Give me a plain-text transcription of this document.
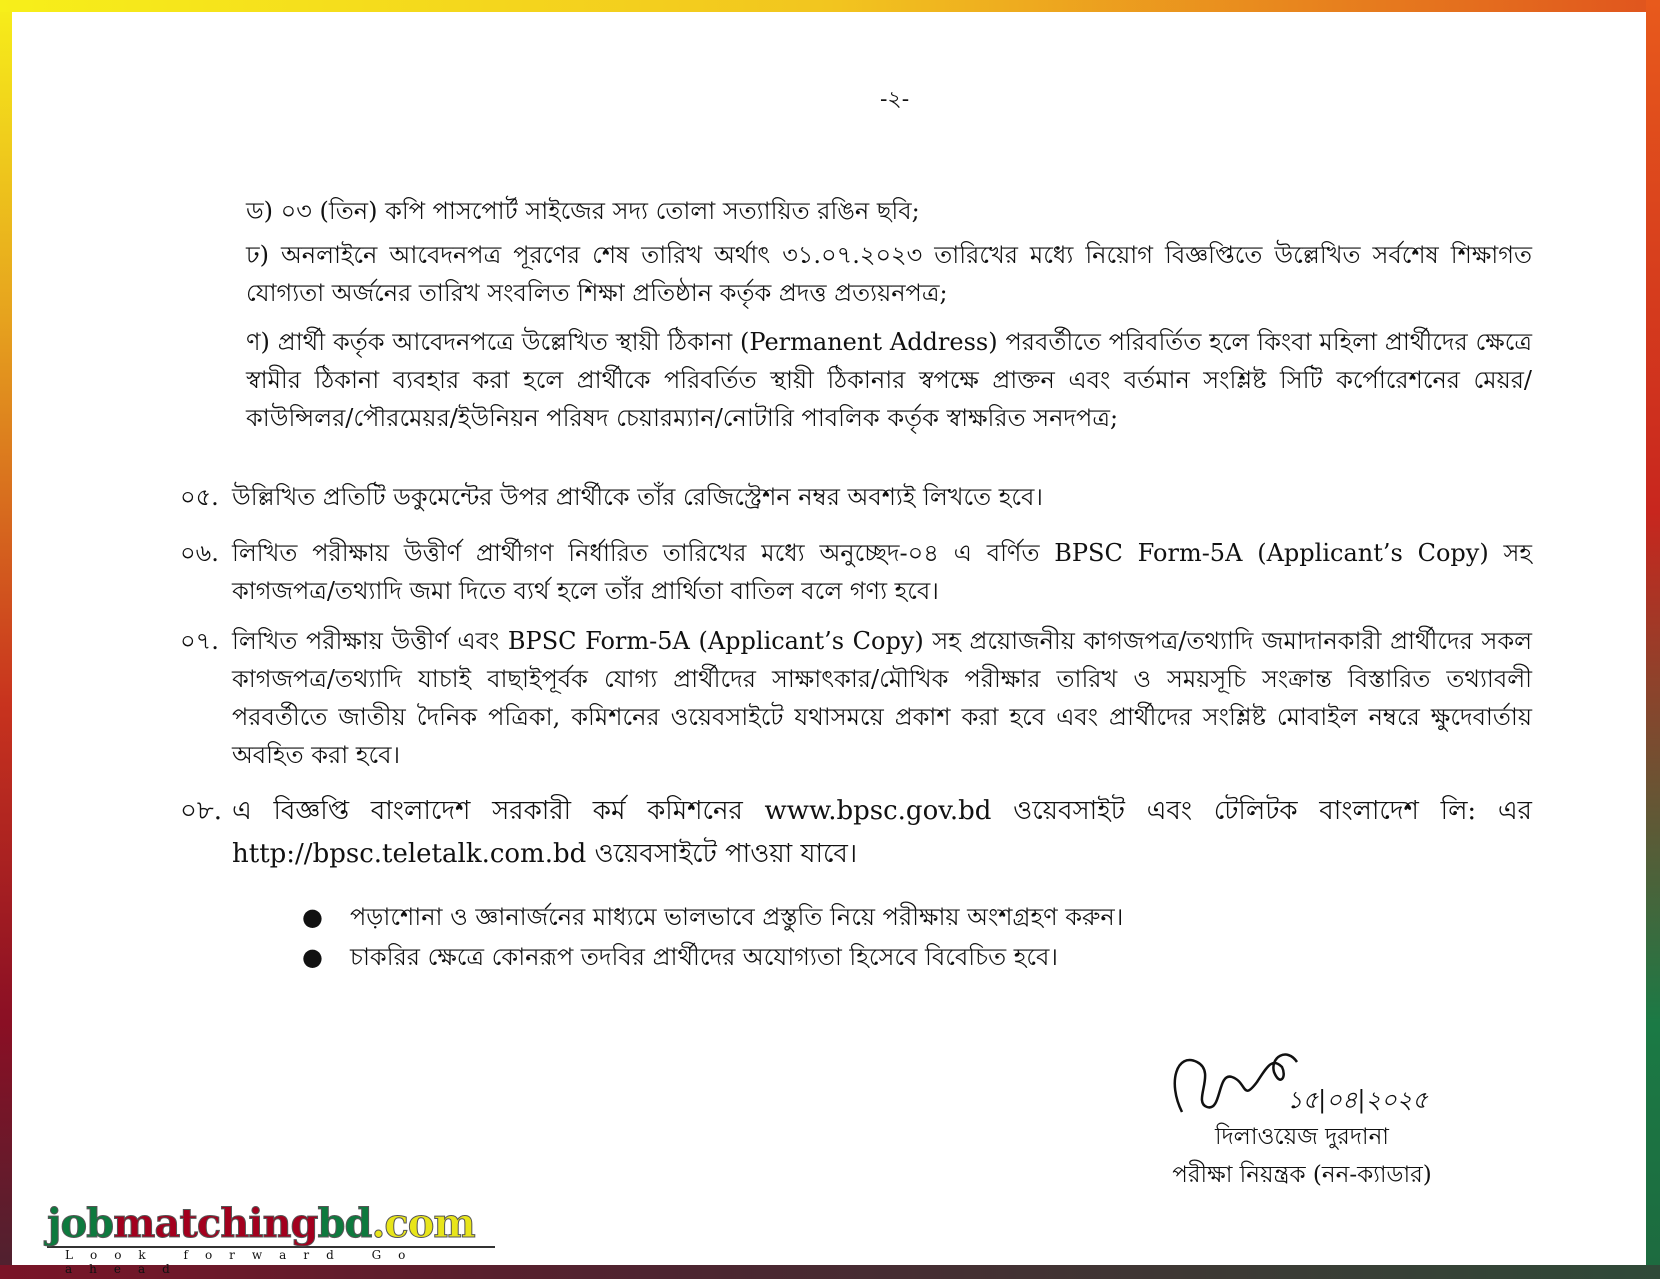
-২-
ড) ০৩ (তিন) কপি পাসপোর্ট সাইজের সদ্য তোলা সত্যায়িত রঙিন ছবি;
ঢ) অনলাইনে আবেদনপত্র পূরণের শেষ তারিখ অর্থাৎ ৩১.০৭.২০২৩ তারিখের মধ্যে নিয়োগ বিজ্ঞপ্তিতে উল্লেখিত সর্বশেষ শিক্ষাগত যোগ্যতা অর্জনের তারিখ সংবলিত শিক্ষা প্রতিষ্ঠান কর্তৃক প্রদত্ত প্রত্যয়নপত্র;
ণ) প্রার্থী কর্তৃক আবেদনপত্রে উল্লেখিত স্থায়ী ঠিকানা (Permanent Address) পরবর্তীতে পরিবর্তিত হলে কিংবা মহিলা প্রার্থীদের ক্ষেত্রে স্বামীর ঠিকানা ব্যবহার করা হলে প্রার্থীকে পরিবর্তিত স্থায়ী ঠিকানার স্বপক্ষে প্রাক্তন এবং বর্তমান সংশ্লিষ্ট সিটি কর্পোরেশনের মেয়র/কাউন্সিলর/পৌরমেয়র/ইউনিয়ন পরিষদ চেয়ারম্যান/নোটারি পাবলিক কর্তৃক স্বাক্ষরিত সনদপত্র;
০৫. উল্লিখিত প্রতিটি ডকুমেন্টের উপর প্রার্থীকে তাঁর রেজিস্ট্রেশন নম্বর অবশ্যই লিখতে হবে।
০৬. লিখিত পরীক্ষায় উত্তীর্ণ প্রার্থীগণ নির্ধারিত তারিখের মধ্যে অনুচ্ছেদ-০৪ এ বর্ণিত BPSC Form-5A (Applicant’s Copy) সহ কাগজপত্র/তথ্যাদি জমা দিতে ব্যর্থ হলে তাঁর প্রার্থিতা বাতিল বলে গণ্য হবে।
০৭. লিখিত পরীক্ষায় উত্তীর্ণ এবং BPSC Form-5A (Applicant’s Copy) সহ প্রয়োজনীয় কাগজপত্র/তথ্যাদি জমাদানকারী প্রার্থীদের সকল কাগজপত্র/তথ্যাদি যাচাই বাছাইপূর্বক যোগ্য প্রার্থীদের সাক্ষাৎকার/মৌখিক পরীক্ষার তারিখ ও সময়সূচি সংক্রান্ত বিস্তারিত তথ্যাবলী পরবর্তীতে জাতীয় দৈনিক পত্রিকা, কমিশনের ওয়েবসাইটে যথাসময়ে প্রকাশ করা হবে এবং প্রার্থীদের সংশ্লিষ্ট মোবাইল নম্বরে ক্ষুদেবার্তায় অবহিত করা হবে।
০৮. এ বিজ্ঞপ্তি বাংলাদেশ সরকারী কর্ম কমিশনের www.bpsc.gov.bd ওয়েবসাইট এবং টেলিটক বাংলাদেশ লি: এর http://bpsc.teletalk.com.bd ওয়েবসাইটে পাওয়া যাবে।
● পড়াশোনা ও জ্ঞানার্জনের মাধ্যমে ভালভাবে প্রস্তুতি নিয়ে পরীক্ষায় অংশগ্রহণ করুন।
● চাকরির ক্ষেত্রে কোনরূপ তদবির প্রার্থীদের অযোগ্যতা হিসেবে বিবেচিত হবে।
১৫|০৪|২০২৫
দিলাওয়েজ দুরদানা
পরীক্ষা নিয়ন্ত্রক (নন-ক্যাডার)
jobmatchingbd.com
Look forward Go ahead
